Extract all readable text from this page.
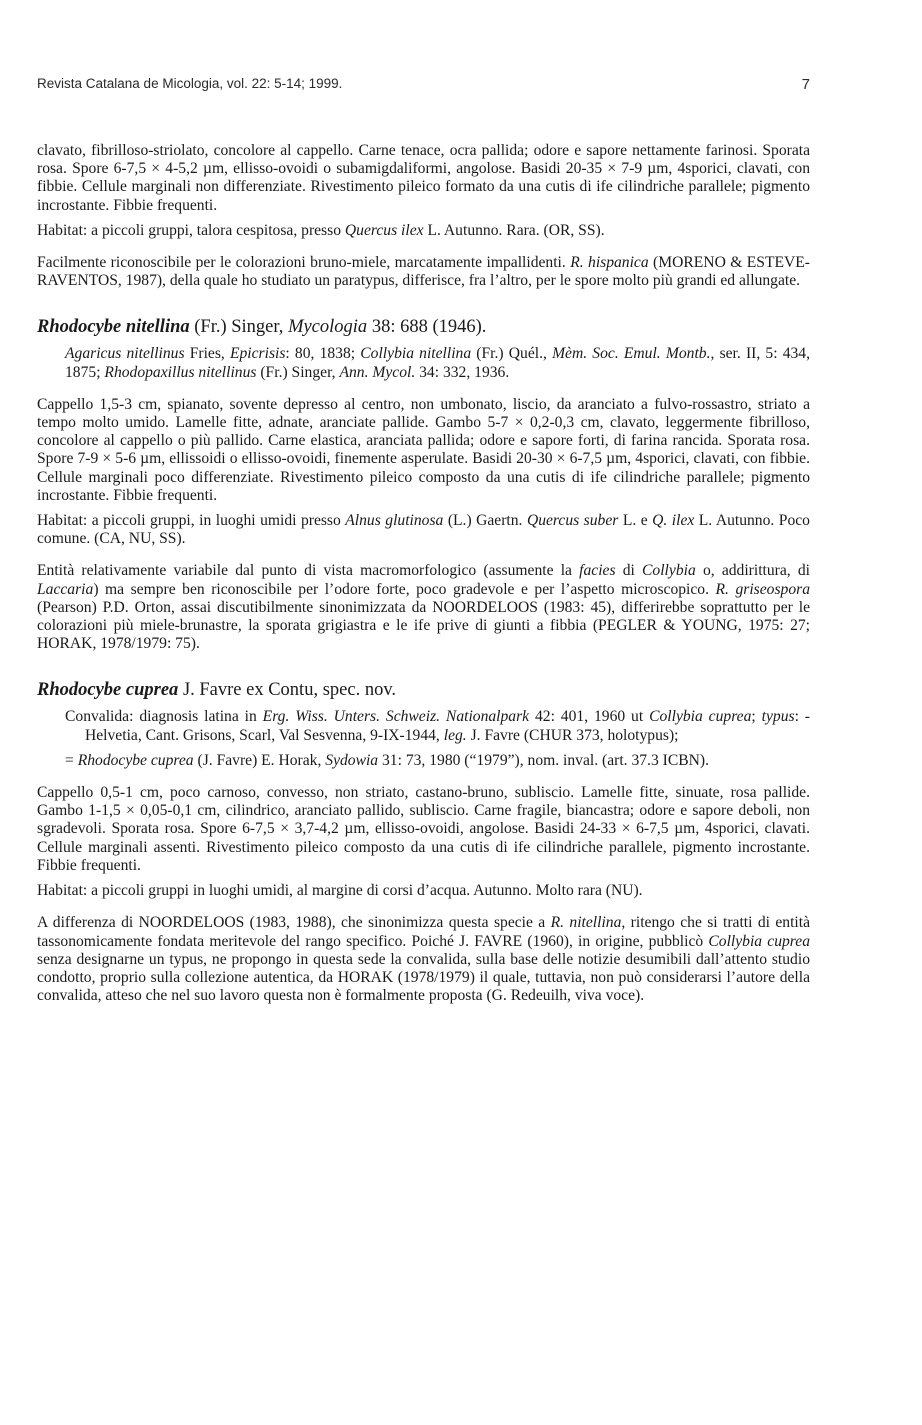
Revista Catalana de Micologia, vol. 22: 5-14; 1999.	7

clavato, fibrilloso-striolato, concolore al cappello. Carne tenace, ocra pallida; odore e sapore nettamente farinosi. Sporata rosa. Spore 6-7,5 × 4-5,2 µm, ellisso-ovoidi o subamigdaliformi, angolose. Basidi 20-35 × 7-9 µm, 4sporici, clavati, con fibbie. Cellule marginali non differenziate. Rivestimento pileico formato da una cutis di ife cilindriche parallele; pigmento incrostante. Fibbie frequenti.

Habitat: a piccoli gruppi, talora cespitosa, presso Quercus ilex L. Autunno. Rara. (OR, SS).

Facilmente riconoscibile per le colorazioni bruno-miele, marcatamente impallidenti. R. hispanica (MORENO & ESTEVE-RAVENTOS, 1987), della quale ho studiato un paratypus, differisce, fra l’altro, per le spore molto più grandi ed allungate.

Rhodocybe nitellina (Fr.) Singer, Mycologia 38: 688 (1946).

Agaricus nitellinus Fries, Epicrisis: 80, 1838; Collybia nitellina (Fr.) Quél., Mèm. Soc. Emul. Montb., ser. II, 5: 434, 1875; Rhodopaxillus nitellinus (Fr.) Singer, Ann. Mycol. 34: 332, 1936.

Cappello 1,5-3 cm, spianato, sovente depresso al centro, non umbonato, liscio, da aranciato a fulvo-rossastro, striato a tempo molto umido. Lamelle fitte, adnate, aranciate pallide. Gambo 5-7 × 0,2-0,3 cm, clavato, leggermente fibrilloso, concolore al cappello o più pallido. Carne elastica, aranciata pallida; odore e sapore forti, di farina rancida. Sporata rosa. Spore 7-9 × 5-6 µm, ellissoidi o ellisso-ovoidi, finemente asperulate. Basidi 20-30 × 6-7,5 µm, 4sporici, clavati, con fibbie. Cellule marginali poco differenziate. Rivestimento pileico composto da una cutis di ife cilindriche parallele; pigmento incrostante. Fibbie frequenti.

Habitat: a piccoli gruppi, in luoghi umidi presso Alnus glutinosa (L.) Gaertn. Quercus suber L. e Q. ilex L. Autunno. Poco comune. (CA, NU, SS).

Entità relativamente variabile dal punto di vista macromorfologico (assumente la facies di Collybia o, addirittura, di Laccaria) ma sempre ben riconoscibile per l’odore forte, poco gradevole e per l’aspetto microscopico. R. griseospora (Pearson) P.D. Orton, assai discutibilmente sinonimizzata da NOORDELOOS (1983: 45), differirebbe soprattutto per le colorazioni più miele-brunastre, la sporata grigiastra e le ife prive di giunti a fibbia (PEGLER & YOUNG, 1975: 27; HORAK, 1978/1979: 75).

Rhodocybe cuprea J. Favre ex Contu, spec. nov.

Convalida: diagnosis latina in Erg. Wiss. Unters. Schweiz. Nationalpark 42: 401, 1960 ut Collybia cuprea; typus: - Helvetia, Cant. Grisons, Scarl, Val Sesvenna, 9-IX-1944, leg. J. Favre (CHUR 373, holotypus);

= Rhodocybe cuprea (J. Favre) E. Horak, Sydowia 31: 73, 1980 (“1979”), nom. inval. (art. 37.3 ICBN).

Cappello 0,5-1 cm, poco carnoso, convesso, non striato, castano-bruno, subliscio. Lamelle fitte, sinuate, rosa pallide. Gambo 1-1,5 × 0,05-0,1 cm, cilindrico, aranciato pallido, subliscio. Carne fragile, biancastra; odore e sapore deboli, non sgradevoli. Sporata rosa. Spore 6-7,5 × 3,7-4,2 µm, ellisso-ovoidi, angolose. Basidi 24-33 × 6-7,5 µm, 4sporici, clavati. Cellule marginali assenti. Rivestimento pileico composto da una cutis di ife cilindriche parallele, pigmento incrostante. Fibbie frequenti.

Habitat: a piccoli gruppi in luoghi umidi, al margine di corsi d’acqua. Autunno. Molto rara (NU).

A differenza di NOORDELOOS (1983, 1988), che sinonimizza questa specie a R. nitellina, ritengo che si tratti di entità tassonomicamente fondata meritevole del rango specifico. Poiché J. FAVRE (1960), in origine, pubblicò Collybia cuprea senza designarne un typus, ne propongo in questa sede la convalida, sulla base delle notizie desumibili dall’attento studio condotto, proprio sulla collezione autentica, da HORAK (1978/1979) il quale, tuttavia, non può considerarsi l’autore della convalida, atteso che nel suo lavoro questa non è formalmente proposta (G. Redeuilh, viva voce).
